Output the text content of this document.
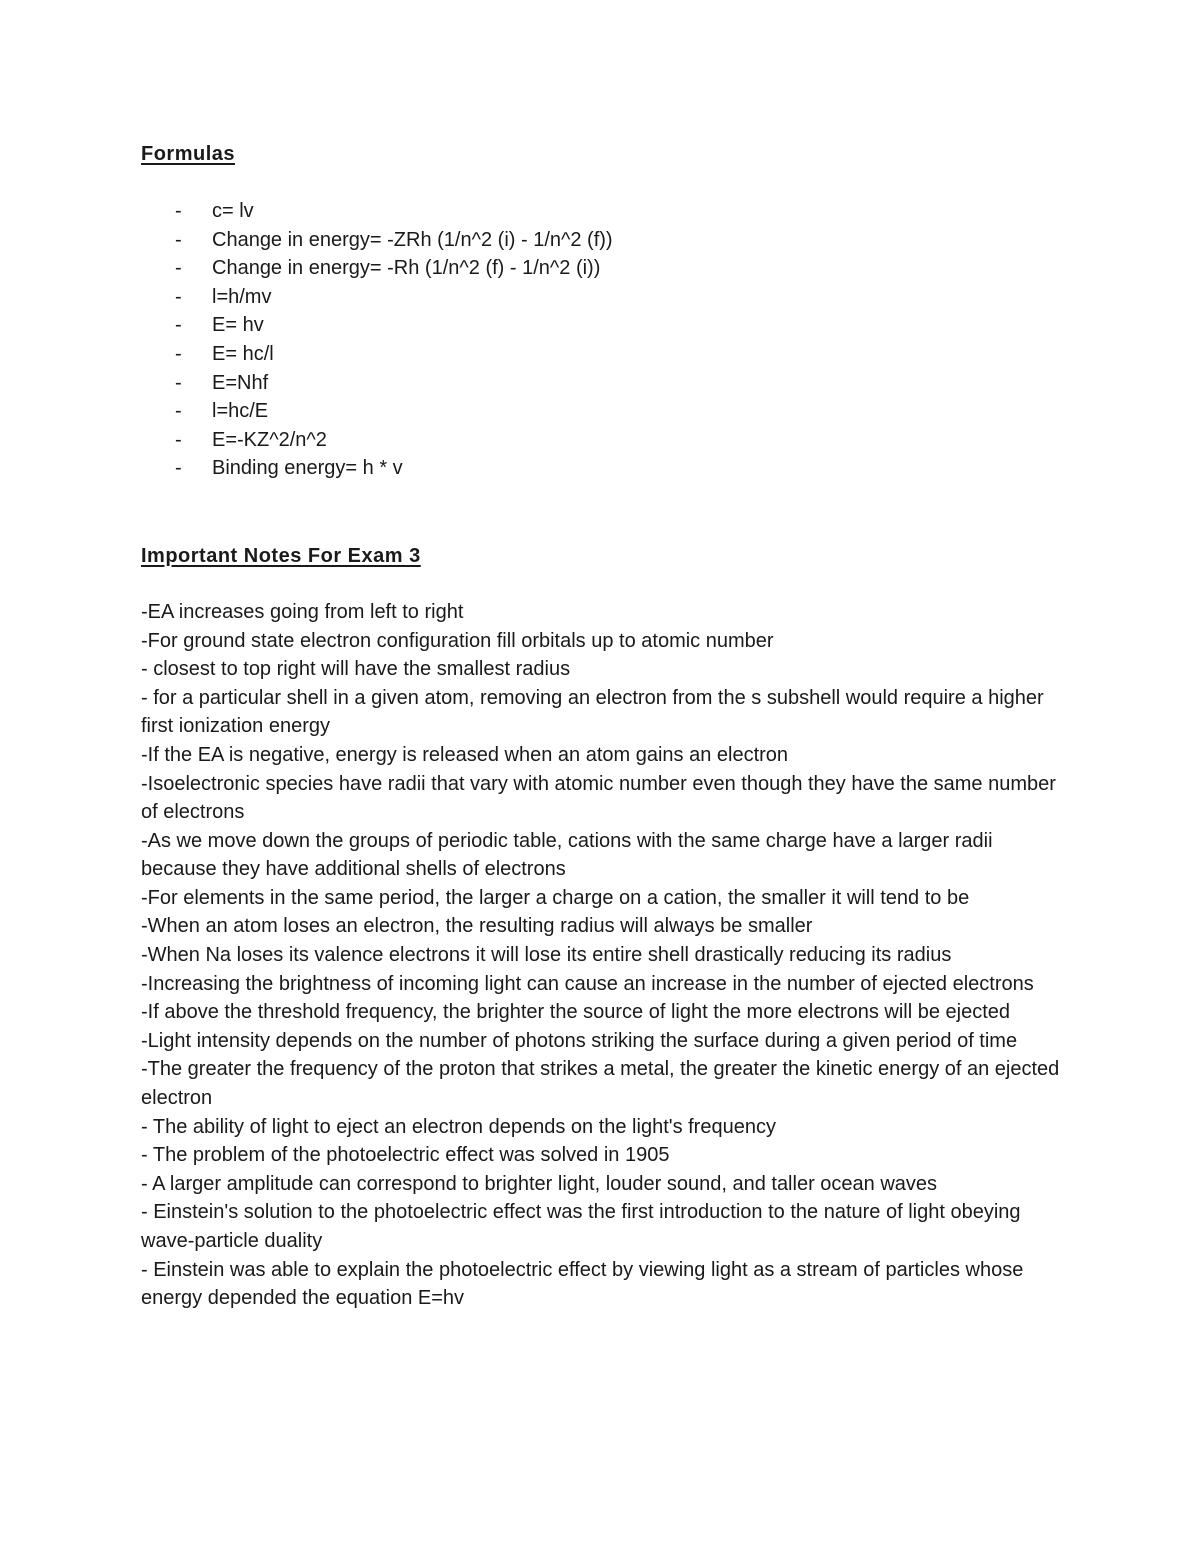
Formulas
- c= lv
- Change in energy= -ZRh (1/n^2 (i) - 1/n^2 (f))
- Change in energy= -Rh (1/n^2 (f) - 1/n^2 (i))
- l=h/mv
- E= hv
- E= hc/l
- E=Nhf
- l=hc/E
- E=-KZ^2/n^2
- Binding energy= h * v
Important Notes For Exam 3

-EA increases going from left to right

-For ground state electron configuration fill orbitals up to atomic number

- closest to top right will have the smallest radius

- for a particular shell in a given atom, removing an electron from the s subshell would require a higher first ionization energy

-If the EA is negative, energy is released when an atom gains an electron

-Isoelectronic species have radii that vary with atomic number even though they have the same number of electrons

-As we move down the groups of periodic table, cations with the same charge have a larger radii because they have additional shells of electrons

-For elements in the same period, the larger a charge on a cation, the smaller it will tend to be

-When an atom loses an electron, the resulting radius will always be smaller

-When Na loses its valence electrons it will lose its entire shell drastically reducing its radius

-Increasing the brightness of incoming light can cause an increase in the number of ejected electrons

-If above the threshold frequency, the brighter the source of light the more electrons will be ejected

-Light intensity depends on the number of photons striking the surface during a given period of time

-The greater the frequency of the proton that strikes a metal, the greater the kinetic energy of an ejected electron

- The ability of light to eject an electron depends on the light's frequency

- The problem of the photoelectric effect was solved in 1905

- A larger amplitude can correspond to brighter light, louder sound, and taller ocean waves

- Einstein's solution to the photoelectric effect was the first introduction to the nature of light obeying wave-particle duality

- Einstein was able to explain the photoelectric effect by viewing light as a stream of particles whose energy depended the equation E=hv
